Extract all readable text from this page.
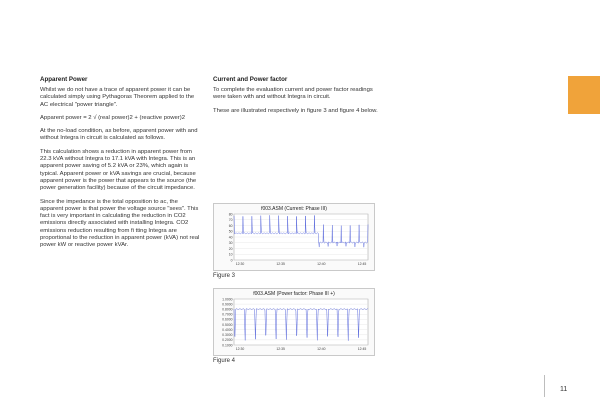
Apparent Power

Whilst we do not have a trace of apparent power it can be calculated simply using Pythagoras Theorem applied to the AC electrical "power triangle".

Apparent power = 2 √ (real power)2 + (reactive power)2

At the no-load condition, as before, apparent power with and without Integra in circuit is calculated as follows.

This calculation shows a reduction in apparent power from 22.3 kVA without Integra to 17.1 kVA with Integra. This is an apparent power saving of 5.2 kVA or 23%, which again is typical. Apparent power or kVA savings are crucial, because apparent power is the power that appears to the source (the power generation facility) because of the circuit impedance.

Since the impedance is the total opposition to ac, the apparent power is that power the voltage source "sees". This fact is very important in calculating the reduction in CO2 emissions directly associated with installing Integra. CO2 emissions reduction resulting from fi tting Integra are proportional to the reduction in apparent power (kVA) not real power kW or reactive power kVAr.

Current and Power factor

To complete the evaluation current and power factor readings were taken with and without Integra in circuit.

These are illustrated respectively in figure 3 and figure 4 below.

f003.ASM (Current: Phase III)
80
70
60
50
40
30
20
10
0
12:30	12:35	12:40	12:45
Figure 3
f003.ASM (Power factor: Phase III +)
1.0000
0.9000
0.8000
0.7000
0.6000
0.5000
0.4000
0.3000
0.2000
0.1000
12:30	12:35	12:40	12:45
Figure 4
11
